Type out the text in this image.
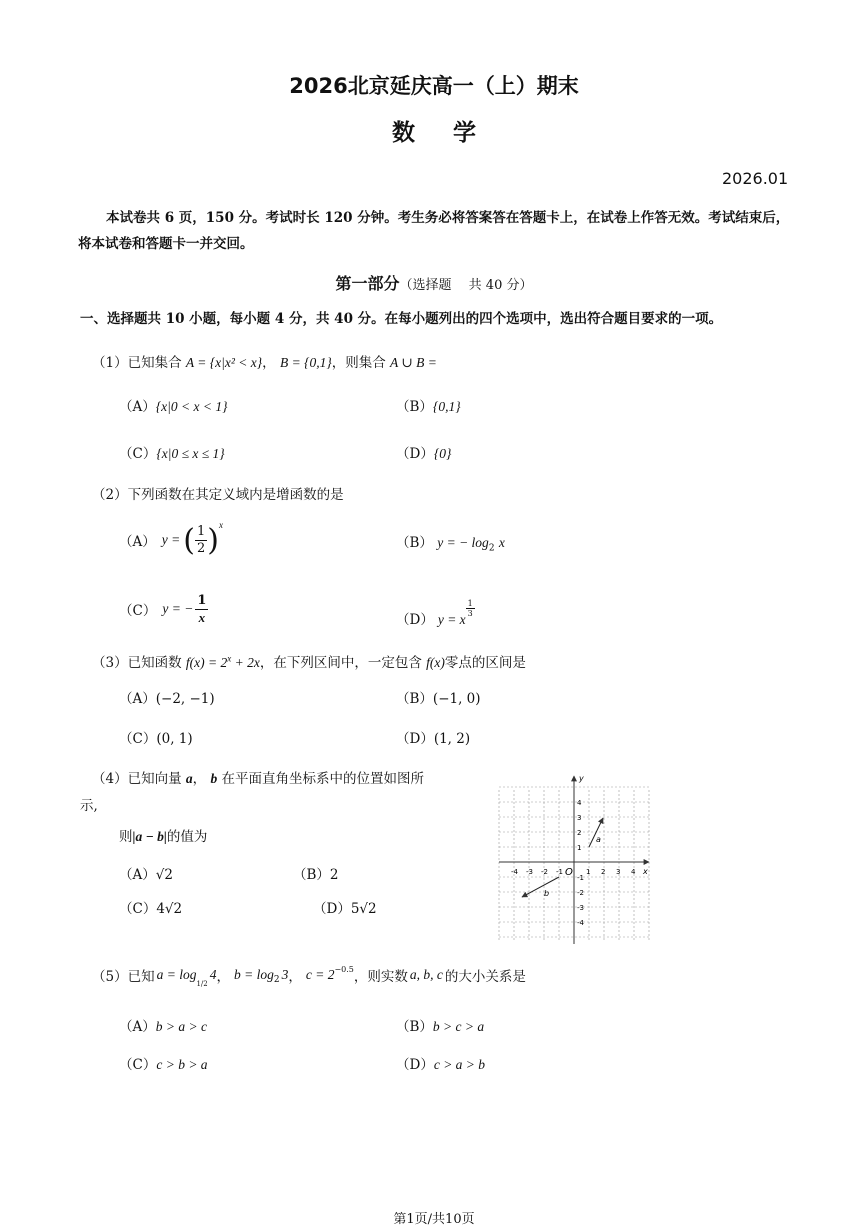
2026北京延庆高一（上）期末
数学
2026.01
本试卷共 6 页，150 分。考试时长 120 分钟。考生务必将答案答在答题卡上，在试卷上作答无效。考试结束后，将本试卷和答题卡一并交回。
第一部分（选择题　 共 40 分）
一、选择题共 10 小题，每小题 4 分，共 40 分。在每小题列出的四个选项中，选出符合题目要求的一项。
（1）已知集合 A = {x|x² < x}， B = {0,1}，则集合 A ∪ B =
（A）{x|0 < x < 1}	（B）{0,1}
（C）{x|0 ≤ x ≤ 1}	（D）{0}
（2）下列函数在其定义域内是增函数的是
（A） y = ( $\frac{1}{2}$ ) x
（B） y = − $\log_2 x$
（C） y = − $\frac{1}{x}$	（D） y = x
$\frac{1}{3}$
（3）已知函数 $f(x) = 2^x + 2x$，在下列区间中，一定包含 f(x)零点的区间是
（A）(−2, −1)	（B）(−1, 0)
（C）(0, 1)	（D）(1, 2)
（4）已知向量 a， b 在平面直角坐标系中的位置如图所
示,
则|a − b|的值为
（A）√2	（B）2
（C）4√2	（D）5√2
-4 -3 -2 -1	1 2 3 4
4
3
2
1
-1
-2
-3
-4
O	x
y
a
b
（5） 已知 a = log
1/2
4 ， b = log 2 3 ， c = 2 −0.5 ，则实数 a, b, c 的大小关系是
（A）b > a > c	（B）b > c > a
（C）c > b > a	（D）c > a > b
第1页/共10页
